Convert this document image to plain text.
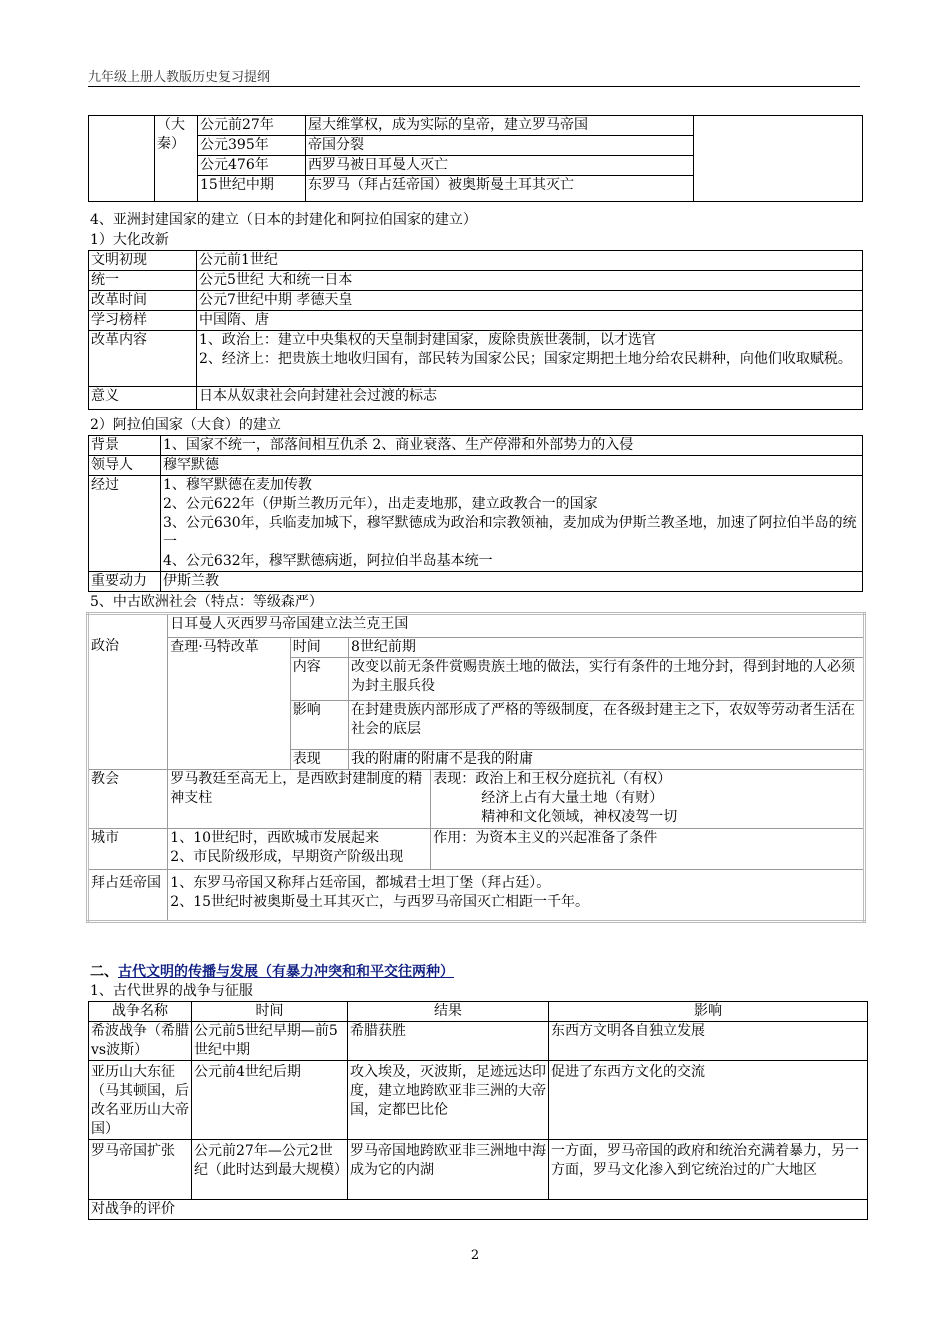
九年级上册人教版历史复习提纲
	（大秦）	公元前27年	屋大维掌权，成为实际的皇帝，建立罗马帝国	
		公元395年	帝国分裂	
		公元476年	西罗马被日耳曼人灭亡	
		15世纪中期	东罗马（拜占廷帝国）被奥斯曼土耳其灭亡	
4、亚洲封建国家的建立（日本的封建化和阿拉伯国家的建立）
1）大化改新
文明初现	公元前1世纪
统一	公元5世纪 大和统一日本
改革时间	公元7世纪中期 孝德天皇
学习榜样	中国隋、唐
改革内容	1、政治上：建立中央集权的天皇制封建国家，废除贵族世袭制，以才选官
2、经济上：把贵族土地收归国有，部民转为国家公民；国家定期把土地分给农民耕种，向他们收取赋税。

意义	日本从奴隶社会向封建社会过渡的标志
2）阿拉伯国家（大食）的建立
背景	1、国家不统一，部落间相互仇杀 2、商业衰落、生产停滞和外部势力的入侵
领导人	穆罕默德
经过	1、穆罕默德在麦加传教
2、公元622年（伊斯兰教历元年），出走麦地那，建立政教合一的国家
3、公元630年，兵临麦加城下，穆罕默德成为政治和宗教领袖，麦加成为伊斯兰教圣地，加速了阿拉伯半岛的统一
4、公元632年，穆罕默德病逝，阿拉伯半岛基本统一

重要动力	伊斯兰教
5、中古欧洲社会（特点：等级森严）
政治	日耳曼人灭西罗马帝国建立法兰克王国			
	查理·马特改革	时间	8世纪前期	
		内容	改变以前无条件赏赐贵族土地的做法，实行有条件的土地分封，得到封地的人必须为封主服兵役	
		影响	在封建贵族内部形成了严格的等级制度，在各级封建主之下，农奴等劳动者生活在社会的底层	
		表现	我的附庸的附庸不是我的附庸	
教会	罗马教廷至高无上，是西欧封建制度的精神支柱			表现：政治上和王权分庭抗礼（有权）
经济上占有大量土地（有财）
精神和文化领域，神权凌驾一切

城市	1、10世纪时，西欧城市发展起来
2、市民阶级形成，早期资产阶级出现			作用：为资本主义的兴起准备了条件
拜占廷帝国	1、东罗马帝国又称拜占廷帝国，都城君士坦丁堡（拜占廷）。
2、15世纪时被奥斯曼土耳其灭亡，与西罗马帝国灭亡相距一千年。			
二、古代文明的传播与发展（有暴力冲突和和平交往两种）
1、古代世界的战争与征服
战争名称	时间	结果	影响
希波战争（希腊vs波斯）	公元前5世纪早期—前5世纪中期	希腊获胜	东西方文明各自独立发展
亚历山大东征（马其顿国，后改名亚历山大帝国）	公元前4世纪后期	攻入埃及，灭波斯，足迹远达印度，建立地跨欧亚非三洲的大帝国，定都巴比伦	促进了东西方文化的交流
罗马帝国扩张	公元前27年—公元2世纪（此时达到最大规模）	罗马帝国地跨欧亚非三洲地中海成为它的内湖	一方面，罗马帝国的政府和统治充满着暴力，另一方面，罗马文化渗入到它统治过的广大地区
对战争的评价			
2
